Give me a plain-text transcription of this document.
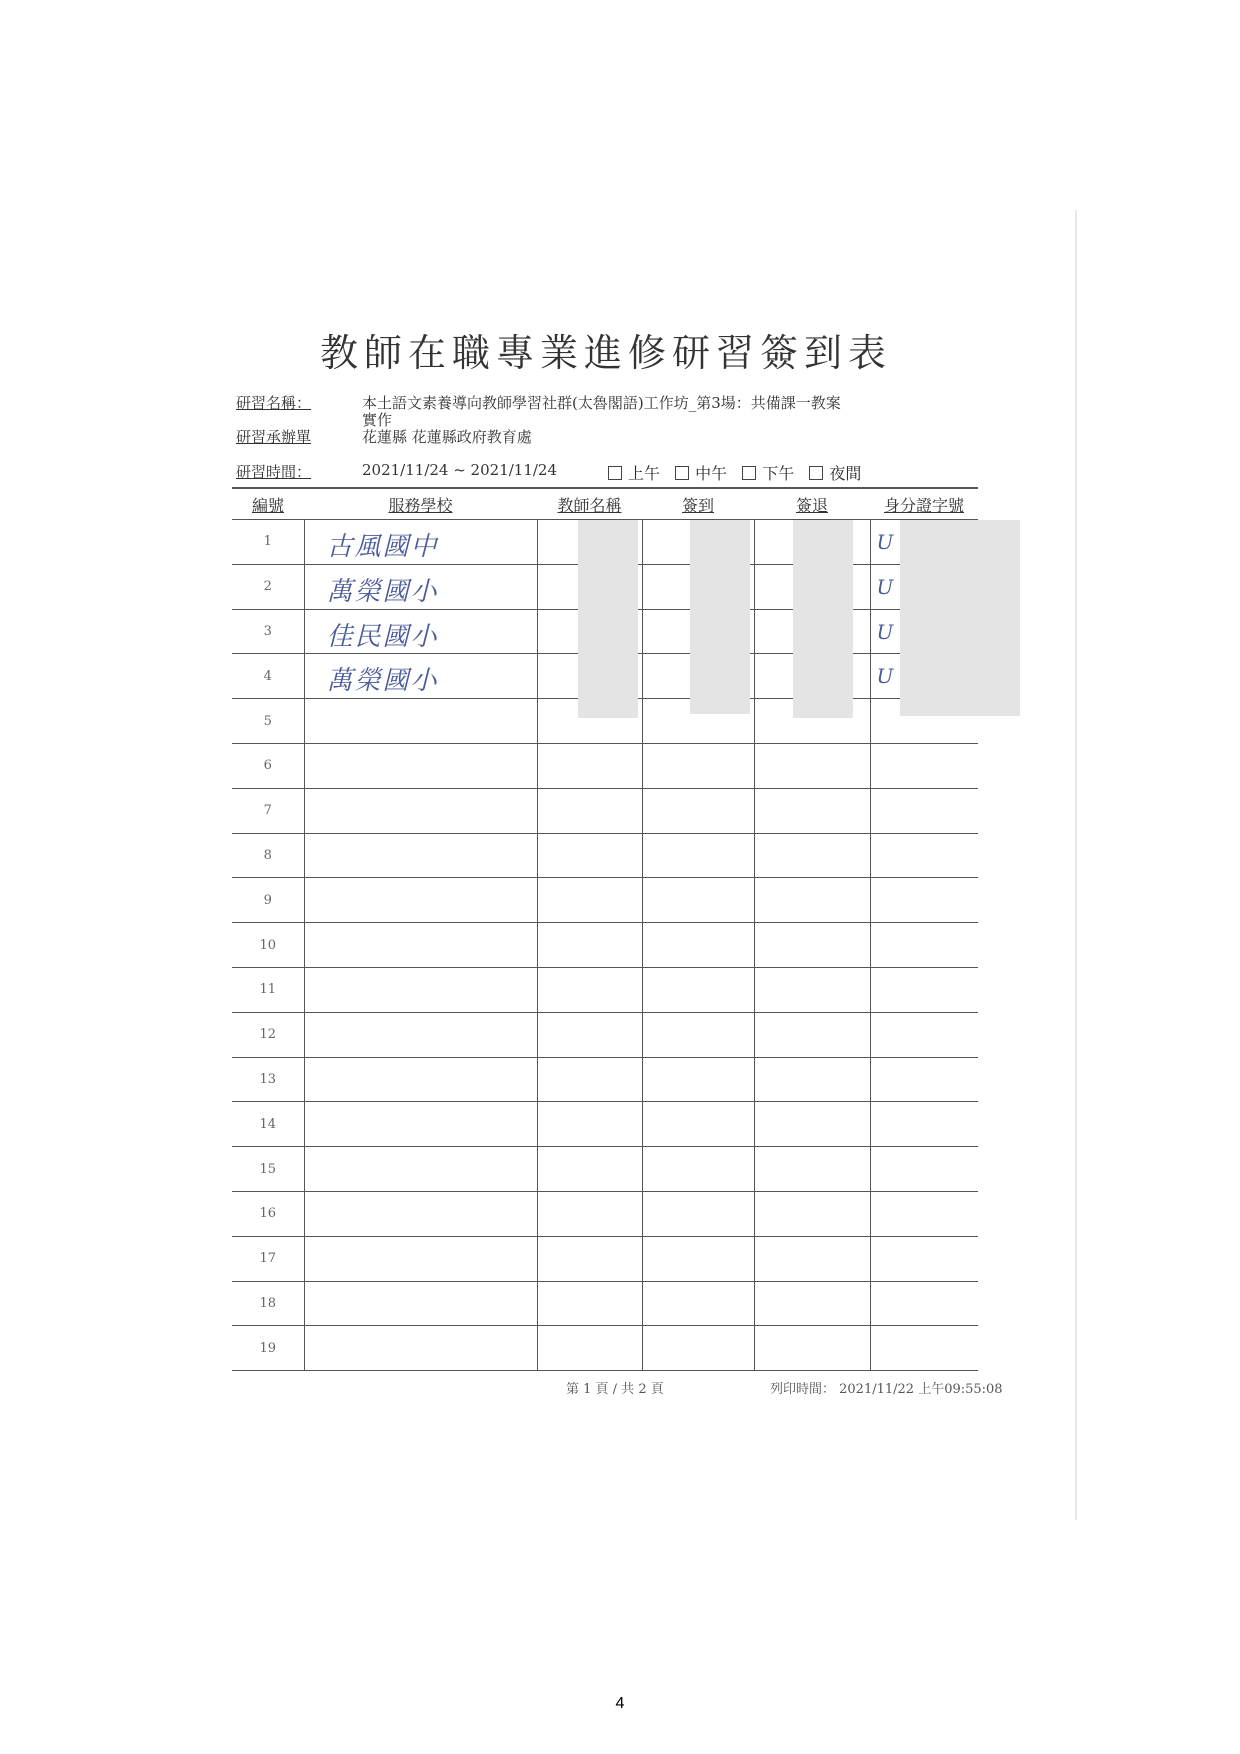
教師在職專業進修研習簽到表
研習名稱：	本土語文素養導向教師學習社群(太魯閣語)工作坊_第3場：共備課一教案
實作
研習承辦單	花蓮縣 花蓮縣政府教育處
研習時間：	2021/11/24 ~ 2021/11/24	上午 中午 下午 夜間
編號	服務學校	教師名稱	簽到	簽退	身分證字號
1	古風國中				U

2	萬榮國小				U

3	佳民國小				U

4	萬榮國小				U

5					
6					
7					
8					
9					
10					
11					
12					
13					
14					
15					
16					
17					
18					
19					
第 1 頁 / 共 2 頁	列印時間： 2021/11/22 上午09:55:08
4
